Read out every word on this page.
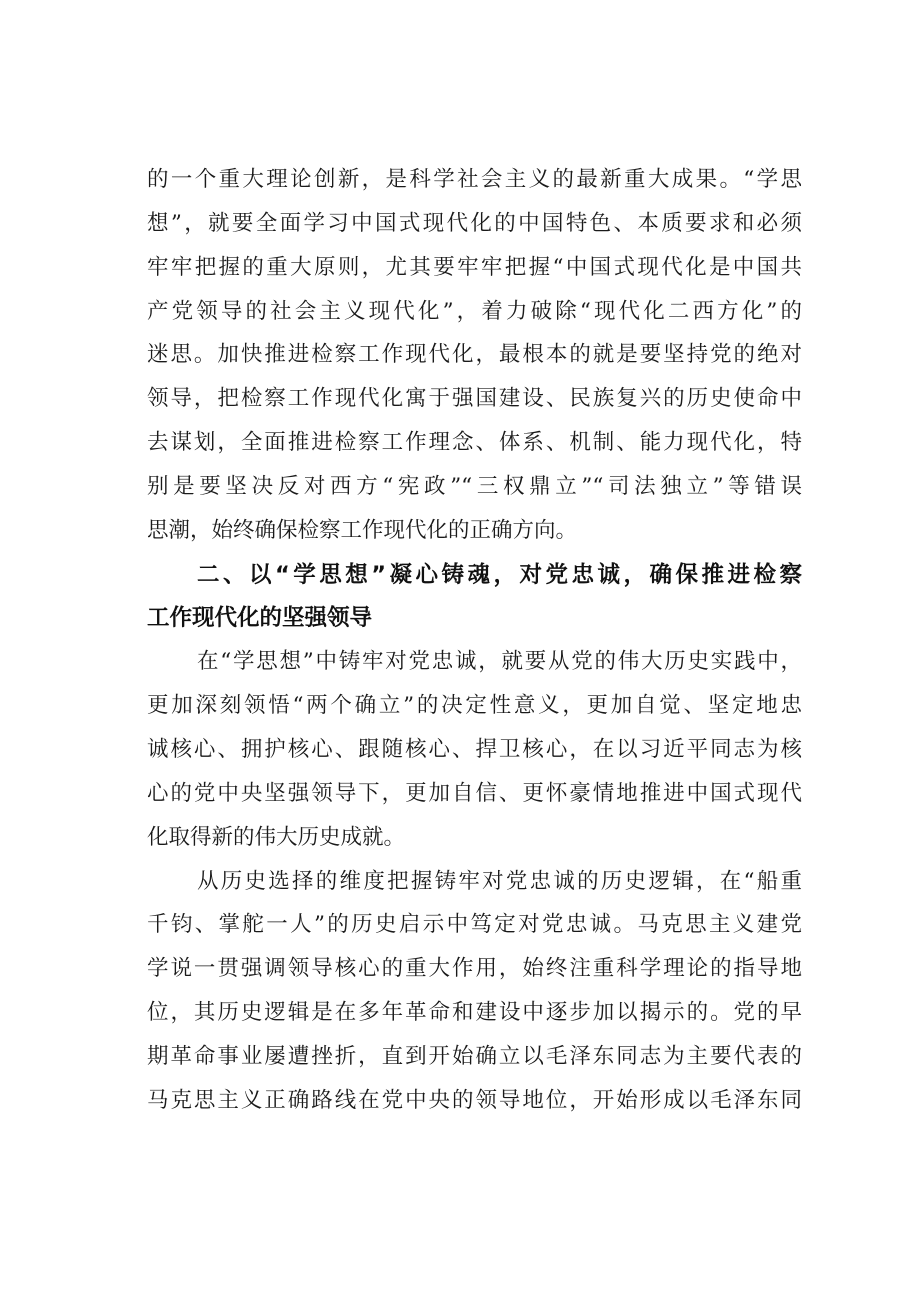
的一个重大理论创新，是科学社会主义的最新重大成果。“学思
想”，就要全面学习中国式现代化的中国特色、本质要求和必须
牢牢把握的重大原则，尤其要牢牢把握“中国式现代化是中国共
产党领导的社会主义现代化”，着力破除“现代化二西方化”的
迷思。加快推进检察工作现代化，最根本的就是要坚持党的绝对
领导，把检察工作现代化寓于强国建设、民族复兴的历史使命中
去谋划，全面推进检察工作理念、体系、机制、能力现代化，特
别是要坚决反对西方“宪政”“三权鼎立”“司法独立”等错误
思潮，始终确保检察工作现代化的正确方向。
二、以“学思想”凝心铸魂，对党忠诚，确保推进检察
工作现代化的坚强领导
在“学思想”中铸牢对党忠诚，就要从党的伟大历史实践中，
更加深刻领悟“两个确立”的决定性意义，更加自觉、坚定地忠
诚核心、拥护核心、跟随核心、捍卫核心，在以习近平同志为核
心的党中央坚强领导下，更加自信、更怀豪情地推进中国式现代
化取得新的伟大历史成就。
从历史选择的维度把握铸牢对党忠诚的历史逻辑，在“船重
千钧、掌舵一人”的历史启示中笃定对党忠诚。马克思主义建党
学说一贯强调领导核心的重大作用，始终注重科学理论的指导地
位，其历史逻辑是在多年革命和建设中逐步加以揭示的。党的早
期革命事业屡遭挫折，直到开始确立以毛泽东同志为主要代表的
马克思主义正确路线在党中央的领导地位，开始形成以毛泽东同
